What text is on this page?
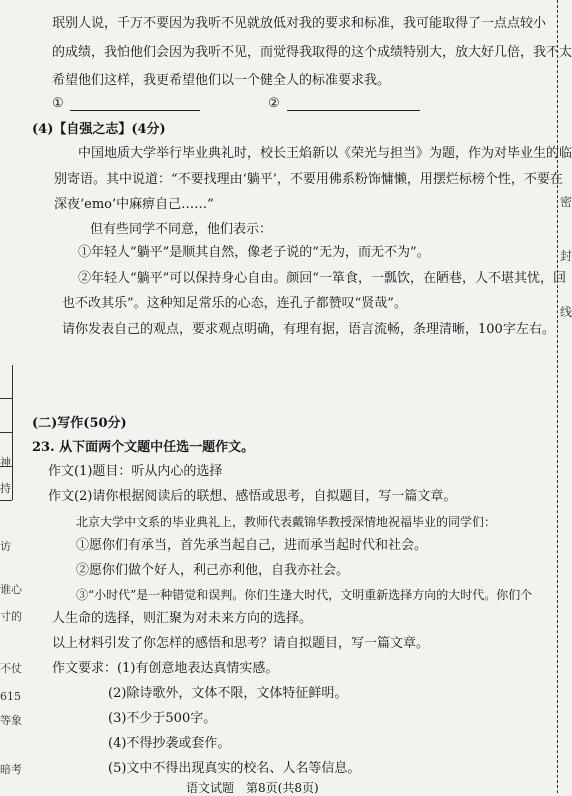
珉别人说，千万不要因为我听不见就放低对我的要求和标准，我可能取得了一点点较小
的成绩，我怕他们会因为我听不见，而觉得我取得的这个成绩特别大，放大好几倍，我不太
希望他们这样，我更希望他们以一个健全人的标准要求我。
①	②
(4)【自强之志】(4分)
中国地质大学举行毕业典礼时，校长王焰新以《荣光与担当》为题，作为对毕业生的临
别寄语。其中说道：“不要找理由‘躺平’，不要用佛系粉饰慵懒，用摆烂标榜个性，不要在
深夜‘emo’中麻痹自己……”
但有些同学不同意，他们表示：
①年轻人“躺平”是顺其自然，像老子说的“无为，而无不为”。
②年轻人“躺平”可以保持身心自由。颜回“一箪食，一瓢饮，在陋巷，人不堪其忧，回
也不改其乐”。这种知足常乐的心态，连孔子都赞叹“贤哉”。
请你发表自己的观点，要求观点明确，有理有据，语言流畅，条理清晰，100字左右。
(二)写作(50分)
23. 从下面两个文题中任选一题作文。
作文(1)题目：听从内心的选择
作文(2)请你根据阅读后的联想、感悟或思考，自拟题目，写一篇文章。
北京大学中文系的毕业典礼上，教师代表戴锦华教授深情地祝福毕业的同学们：
①愿你们有承当，首先承当起自己，进而承当起时代和社会。
②愿你们做个好人，利己亦利他，自我亦社会。
③“小时代”是一种错觉和误判。你们生逢大时代，文明重新选择方向的大时代。你们个
人生命的选择，则汇聚为对未来方向的选择。
以上材料引发了你怎样的感悟和思考？请自拟题目，写一篇文章。
作文要求：(1)有创意地表达真情实感。
(2)除诗歌外，文体不限，文体特征鲜明。
(3)不少于500字。
(4)不得抄袭或套作。
(5)文中不得出现真实的校名、人名等信息。
语文试题　第8页(共8页)
神
持
访
谁心
寸的
不仗
615
等象
暗考
密
封
线
